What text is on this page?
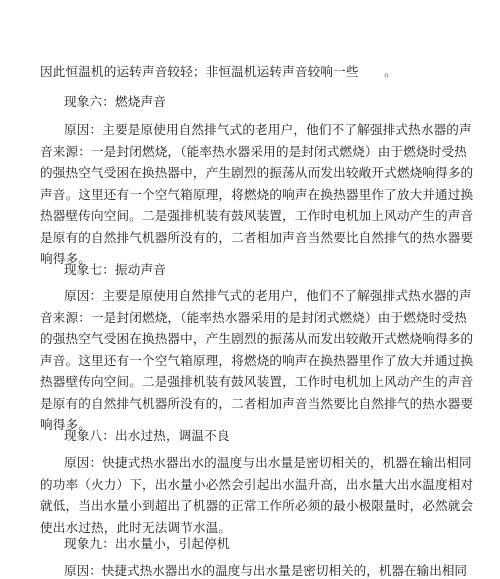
因此恒温机的运转声音较轻；非恒温机运转声音较响一些　　。
现象六：燃烧声音
原因：主要是原使用自然排气式的老用户，他们不了解强排式热水器的声
音来源：一是封闭燃烧，（能率热水器采用的是封闭式燃烧）由于燃烧时受热
的强热空气受困在换热器中，产生剧烈的振荡从而发出较敞开式燃烧响得多的
声音。这里还有一个空气箱原理，将燃烧的响声在换热器里作了放大并通过换
热器壁传向空间。二是强排机装有鼓风装置，工作时电机加上风动产生的声音
是原有的自然排气机器所没有的，二者相加声音当然要比自然排气的热水器要
响得多。
现象七：振动声音
原因：主要是原使用自然排气式的老用户，他们不了解强排式热水器的声
音来源：一是封闭燃烧，（能率热水器采用的是封闭式燃烧）由于燃烧时受热
的强热空气受困在换热器中，产生剧烈的振荡从而发出较敞开式燃烧响得多的
声音。这里还有一个空气箱原理，将燃烧的响声在换热器里作了放大并通过换
热器壁传向空间。二是强排机装有鼓风装置，工作时电机加上风动产生的声音
是原有的自然排气机器所没有的，二者相加声音当然要比自然排气的热水器要
响得多。
现象八：出水过热，调温不良
原因：快捷式热水器出水的温度与出水量是密切相关的，机器在输出相同
的功率（火力）下，出水量小必然会引起出水温升高，出水量大出水温度相对
就低，当出水量小到超出了机器的正常工作所必须的最小极限量时，必然就会
使出水过热，此时无法调节水温。
现象九：出水量小，引起停机
原因：快捷式热水器出水的温度与出水量是密切相关的，机器在输出相同
